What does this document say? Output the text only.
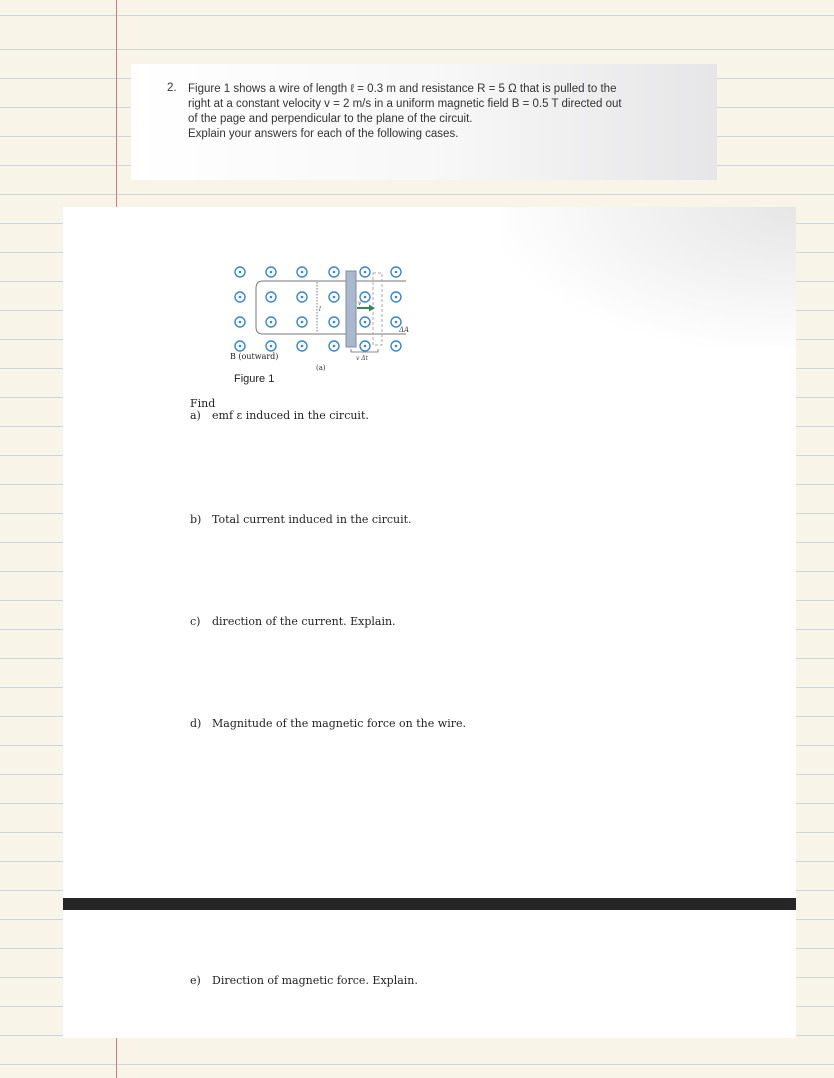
2. Figure 1 shows a wire of length ℓ = 0.3 m and resistance R = 5 Ω that is pulled to the

right at a constant velocity v = 2 m/s in a uniform magnetic field B = 0.5 T directed out

of the page and perpendicular to the plane of the circuit.

Explain your answers for each of the following cases.

l
v
B (outward)
(a)
v Δt
ΔA
Figure 1
Find
a) emf ε induced in the circuit.
b) Total current induced in the circuit.
c) direction of the current. Explain.
d) Magnitude of the magnetic force on the wire.
e) Direction of magnetic force. Explain.
